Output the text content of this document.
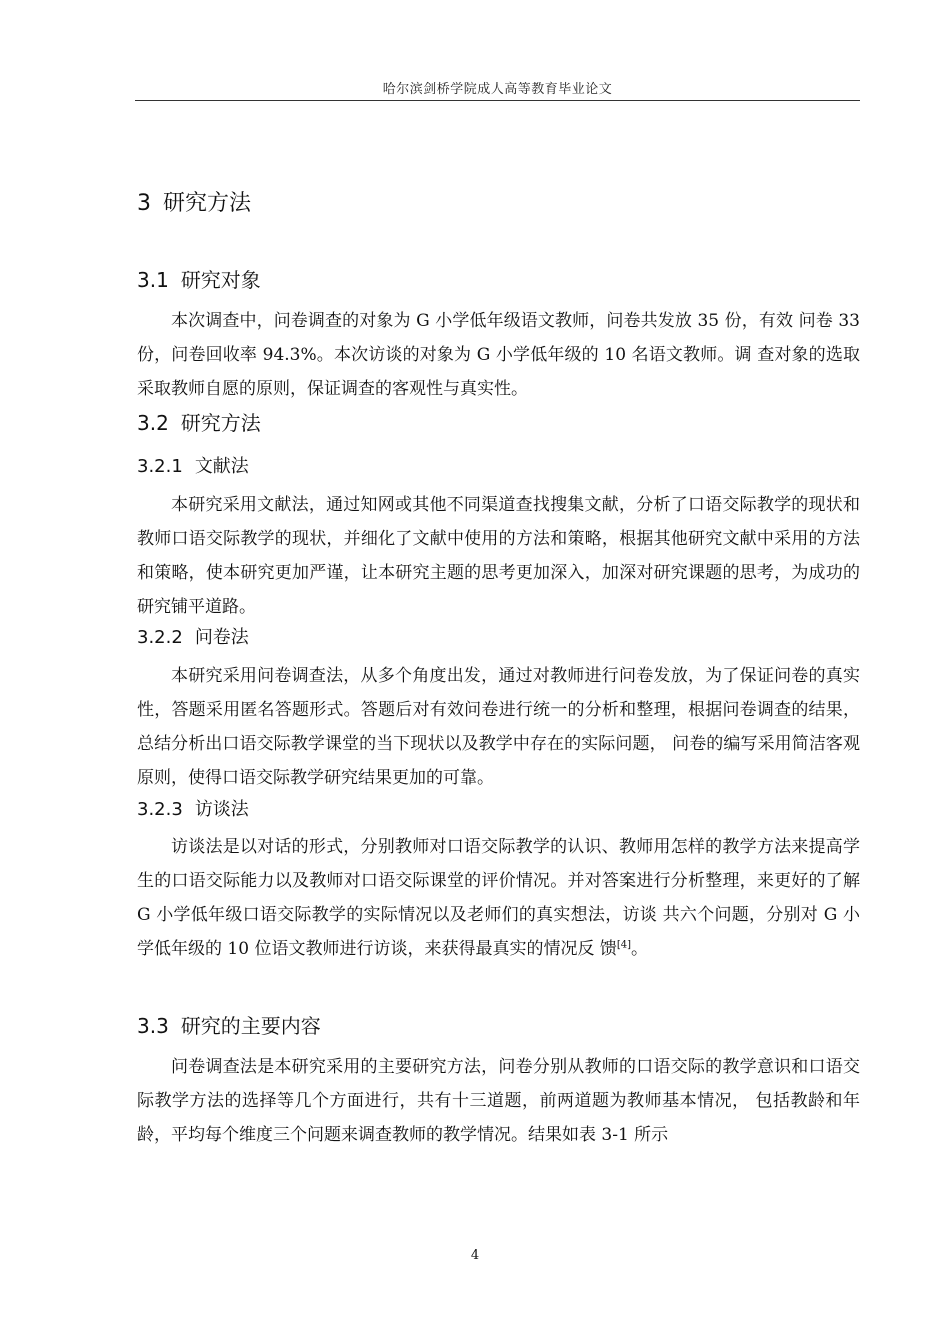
哈尔滨剑桥学院成人高等教育毕业论文
3 研究方法
3.1 研究对象

本次调查中，问卷调查的对象为 G 小学低年级语文教师，问卷共发放 35 份，有效 问卷 33 份，问卷回收率 94.3%。本次访谈的对象为 G 小学低年级的 10 名语文教师。调 查对象的选取采取教师自愿的原则，保证调查的客观性与真实性。

3.2 研究方法
3.2.1 文献法

本研究采用文献法，通过知网或其他不同渠道查找搜集文献，分析了口语交际教学的现状和教师口语交际教学的现状，并细化了文献中使用的方法和策略，根据其他研究文献中采用的方法和策略，使本研究更加严谨，让本研究主题的思考更加深入，加深对研究课题的思考，为成功的研究铺平道路。

3.2.2 问卷法

本研究采用问卷调查法，从多个角度出发，通过对教师进行问卷发放，为了保证问卷的真实性，答题采用匿名答题形式。答题后对有效问卷进行统一的分析和整理，根据问卷调查的结果，总结分析出口语交际教学课堂的当下现状以及教学中存在的实际问题， 问卷的编写采用简洁客观原则，使得口语交际教学研究结果更加的可靠。

3.2.3 访谈法

访谈法是以对话的形式，分别教师对口语交际教学的认识、教师用怎样的教学方法来提高学生的口语交际能力以及教师对口语交际课堂的评价情况。并对答案进行分析整理，来更好的了解 G 小学低年级口语交际教学的实际情况以及老师们的真实想法，访谈 共六个问题，分别对 G 小学低年级的 10 位语文教师进行访谈，来获得最真实的情况反 馈[4]。

3.3 研究的主要内容

问卷调查法是本研究采用的主要研究方法，问卷分别从教师的口语交际的教学意识和口语交际教学方法的选择等几个方面进行，共有十三道题，前两道题为教师基本情况， 包括教龄和年龄，平均每个维度三个问题来调查教师的教学情况。结果如表 3-1 所示

4
